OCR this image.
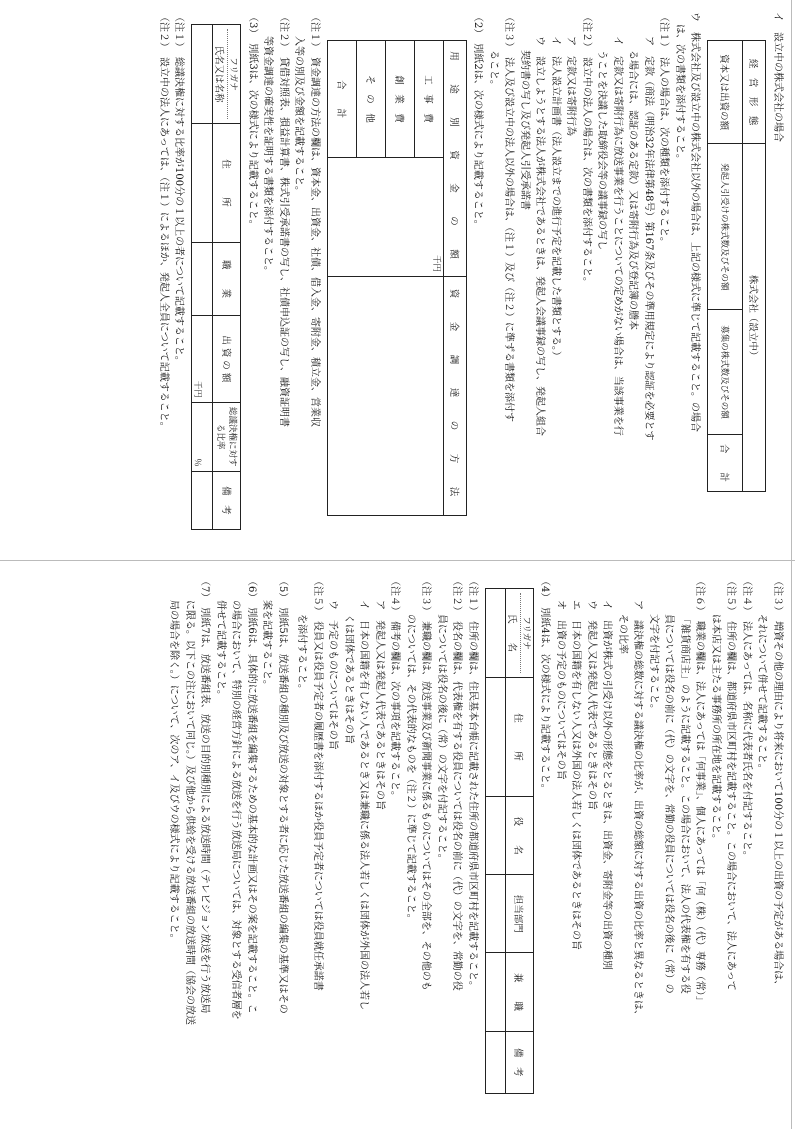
イ　設立中の株式会社の場合
経　営　形　態	株式会社（設立中）		
資本又は出資の額	発起人引受けの株式数及びその額	募集の株式数及びその額	合　　計
ウ　株式会社及び設立中の株式会社以外の場合は、上記の様式に準じて記載すること。の場合
は、次の書類を添付すること。
（注１）　法人の場合は、次の種類を添付すること。
ア　定款（商法（明治32年法律第48号）第167条及びその準用規定により認証を必要とす
る場合には、認証のある定款）又は寄附行為及び登記簿の謄本
イ　定款又は寄附行為に放送事業を行うことについての定めがない場合は、当該事業を行
うことを決議した取締役会等の議事録の写し
（注２）　設立中の法人の場合は、次の書類を添付すること。
ア　定款又は寄附行為
イ　法人設立計画書（法人設立までの進行予定を記載した書類とする。）
ウ　設立しようとする法人が株式会社であるときは、発起人会議事録の写し、発起人組合
契約書の写し及び発起人引受承諾書
（注３）　法人及び設立中の法人以外の場合は、（注１）及び（注２）に準ずる書類を添付す
ること。
（2）　別紙2は、次の様式により記載すること。
用　途　別　資　金　の　額		資　金　調　達　の　方　法
工　事　費	千円	
創　業　費		
そ　の　他		
合　　計		
（注１）　資金調達の方法の欄は、資本金、出資金、社債、借入金、寄附金、積立金、営業収
入等の別及び金額を記載すること。
（注２）　貸借対照表、損益計算書、株式引受承諾書の写し、社債申込証の写し、融資証明書
等資金調達の確実性を証明する書類を添付すること。
（3）　別紙3は、次の様式により記載すること。
フリガナ
氏名又は名称	住　　　所	職　　業	出 資 の 額	総議決権に対する比率	備　考
			千円	％	
（注１）　総議決権に対する比率が100分の１以上の者について記載すること。
（注２）　設立中の法人にあっては、（注１）によるほか、発起人全員について記載すること。
（注３）　増資その他の理由により将来において100分の１以上の出資の予定がある場合は、
それについて併せて記載すること。
（注４）　法人にあっては、名称に代表者氏名を付記すること。
（注５）　住所の欄は、都道府県市区町村を記載すること。この場合において、法人にあって
は本店又は主たる事務所の所在地を記載すること。
（注６）　職業の欄は、法人にあっては「何事業」、個人にあっては「何（株）（代）専務（常）」
「雑貨商店主」のように記載すること。この場合において、法人の代表権を有する役
員については役名の前に（代）の文字を、常勤の役員については役名の後に（常）の
文字を付記すること。
ア　議決権の総数に対する議決権の比率が、出資の総額に対する出資の比率と異なるときは、
その比率
イ　出資が株式の引受け以外の形態をとるときは、出資金、寄附金等の出資の種別
ウ　発起人又は発起人代表であるときはその旨
エ　日本の国籍を有しない人又は外国の法人若しくは団体であるときはその旨
オ　出資の予定のものについてはその旨
（4）　別紙4は、次の様式により記載すること。
フリガナ
氏　　名	住　　　所	役　　名	担当部門	兼　　職	備　考

（注１）　住所の欄は、住民基本台帳に記載された住所の都道府県市区町村を記載すること。
（注２）　役名の欄は、代表権を有する役員については役名の前に（代）の文字を、常勤の役
員については役名の後に（常）の文字を付記すること。
（注３）　兼職の欄は、放送事業及び新聞事業に係るものについてはその全部を、その他のも
のについては、その代表的なものを（注２）に準じて記載すること。
（注４）　備考の欄は、次の事項を記載すること。
ア　発起人又は発起人代表であるときはその旨
イ　日本の国籍を有しない人であるとき又は兼職に係る法人若しくは団体が外国の法人若し
くは団体であるときはその旨
ウ　予定のものについてはその旨
（注５）　役員又は役員予定者の履歴書を添付するほか役員予定者については役員就任承諾書
を添付すること。
（5）　別紙5は、放送番組の種別及び放送の対象とする者に応じた放送番組の編集の基準又はその
案を記載すること。
（6）　別紙6は、具体的に放送番組を編集するための基本的な計画又はその案を記載すること。こ
の場合において、特別の経営方針による放送を行う放送局については、対象とする受信者層を
併せて記載すること。
（7）　別紙7は、放送番組表、放送の目的別種別による放送時間（テレビジョン放送を行う放送局
に限る。以下この注において同じ。）及び他から供給を受ける放送番組の放送時間（協会の放送
局の場合を除く。）について、次のア、イ及びウの様式により記載すること。
